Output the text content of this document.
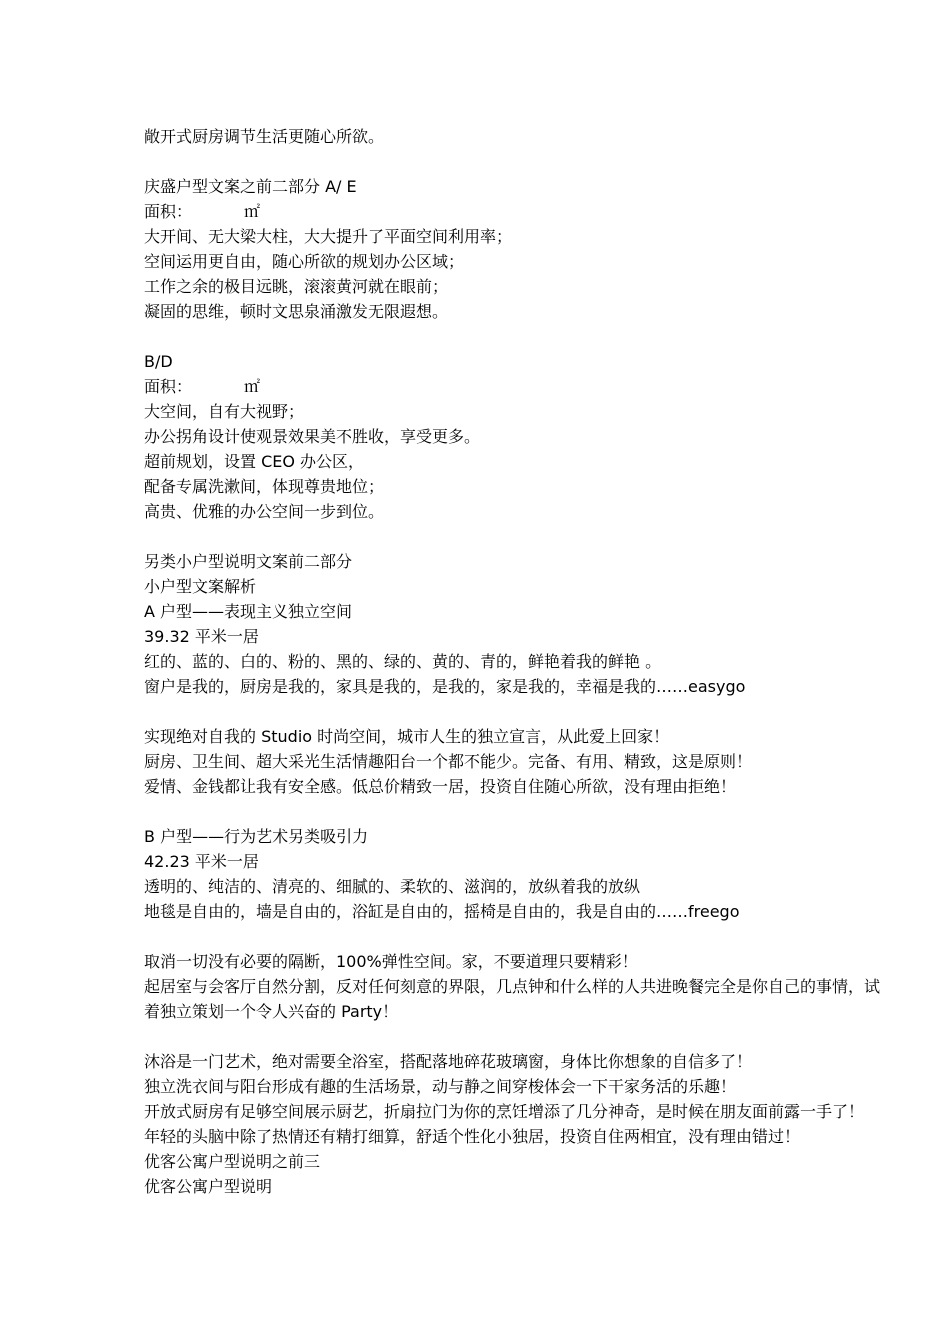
敞开式厨房调节生活更随心所欲。

庆盛户型文案之前二部分 A/ E

面积：	㎡

大开间、无大梁大柱，大大提升了平面空间利用率；

空间运用更自由，随心所欲的规划办公区域；

工作之余的极目远眺，滚滚黄河就在眼前；

凝固的思维，顿时文思泉涌激发无限遐想。

B/D

面积：	㎡

大空间，自有大视野；

办公拐角设计使观景效果美不胜收，享受更多。

超前规划，设置 CEO 办公区，

配备专属洗漱间，体现尊贵地位；

高贵、优雅的办公空间一步到位。

另类小户型说明文案前二部分

小户型文案解析

A 户型——表现主义独立空间

39.32 平米一居

红的、蓝的、白的、粉的、黑的、绿的、黄的、青的，鲜艳着我的鲜艳 。

窗户是我的，厨房是我的，家具是我的，是我的，家是我的，幸福是我的……easygo

实现绝对自我的 Studio 时尚空间，城市人生的独立宣言，从此爱上回家！

厨房、卫生间、超大采光生活情趣阳台一个都不能少。完备、有用、精致，这是原则！

爱情、金钱都让我有安全感。低总价精致一居，投资自住随心所欲，没有理由拒绝！

B 户型——行为艺术另类吸引力

42.23 平米一居

透明的、纯洁的、清亮的、细腻的、柔软的、滋润的，放纵着我的放纵

地毯是自由的，墙是自由的，浴缸是自由的，摇椅是自由的，我是自由的……freego

取消一切没有必要的隔断，100%弹性空间。家，不要道理只要精彩！

起居室与会客厅自然分割，反对任何刻意的界限，几点钟和什么样的人共进晚餐完全是你自己的事情，试着独立策划一个令人兴奋的 Party！

沐浴是一门艺术，绝对需要全浴室，搭配落地碎花玻璃窗，身体比你想象的自信多了！

独立洗衣间与阳台形成有趣的生活场景，动与静之间穿梭体会一下干家务活的乐趣！

开放式厨房有足够空间展示厨艺，折扇拉门为你的烹饪增添了几分神奇，是时候在朋友面前露一手了！

年轻的头脑中除了热情还有精打细算，舒适个性化小独居，投资自住两相宜，没有理由错过！

优客公寓户型说明之前三

优客公寓户型说明
